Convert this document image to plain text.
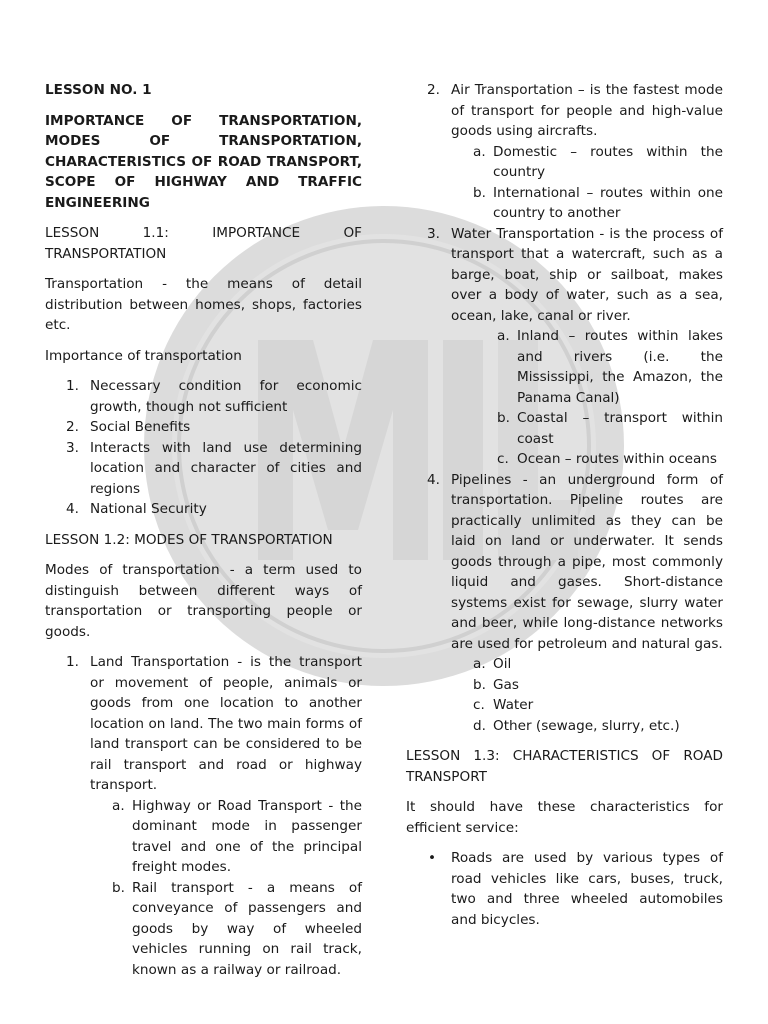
LESSON NO. 1

IMPORTANCE OF TRANSPORTATION, MODES OF TRANSPORTATION, CHARACTERISTICS OF ROAD TRANSPORT, SCOPE OF HIGHWAY AND TRAFFIC ENGINEERING

LESSON 1.1: IMPORTANCE OF TRANSPORTATION

Transportation - the means of detail distribution between homes, shops, factories etc.

Importance of transportation

1. Necessary condition for economic growth, though not sufficient
2. Social Benefits
3. Interacts with land use determining location and character of cities and regions
4. National Security

LESSON 1.2: MODES OF TRANSPORTATION

Modes of transportation - a term used to distinguish between different ways of transportation or transporting people or goods.

1. Land Transportation - is the transport or movement of people, animals or goods from one location to another location on land. The two main forms of land transport can be considered to be rail transport and road or highway transport.
a. Highway or Road Transport - the dominant mode in passenger travel and one of the principal freight modes.
b. Rail transport - a means of conveyance of passengers and goods by way of wheeled vehicles running on rail track, known as a railway or railroad.
2. Air Transportation – is the fastest mode of transport for people and high-value goods using aircrafts.
a. Domestic – routes within the country
b. International – routes within one country to another
3. Water Transportation - is the process of transport that a watercraft, such as a barge, boat, ship or sailboat, makes over a body of water, such as a sea, ocean, lake, canal or river.
a. Inland – routes within lakes and rivers (i.e. the Mississippi, the Amazon, the Panama Canal)
b. Coastal – transport within coast
c. Ocean – routes within oceans
4. Pipelines - an underground form of transportation. Pipeline routes are practically unlimited as they can be laid on land or underwater. It sends goods through a pipe, most commonly liquid and gases. Short-distance systems exist for sewage, slurry water and beer, while long-distance networks are used for petroleum and natural gas.
a. Oil
b. Gas
c. Water
d. Other (sewage, slurry, etc.)

LESSON 1.3: CHARACTERISTICS OF ROAD TRANSPORT

It should have these characteristics for efficient service:

• Roads are used by various types of road vehicles like cars, buses, truck, two and three wheeled automobiles and bicycles.
